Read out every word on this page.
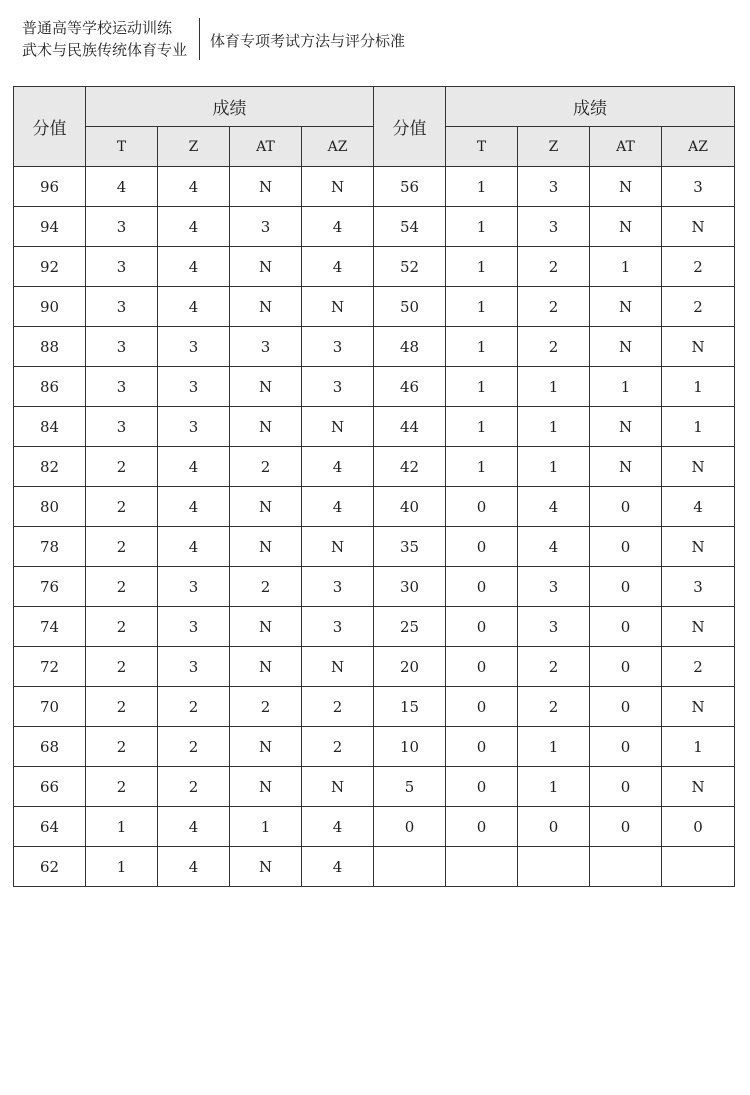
普通高等学校运动训练
武术与民族传统体育专业
体育专项考试方法与评分标准
分值	成绩				分值	成绩			
	T	Z	AT	AZ		T	Z	AT	AZ
96	4	4	N	N	56	1	3	N	3
94	3	4	3	4	54	1	3	N	N
92	3	4	N	4	52	1	2	1	2
90	3	4	N	N	50	1	2	N	2
88	3	3	3	3	48	1	2	N	N
86	3	3	N	3	46	1	1	1	1
84	3	3	N	N	44	1	1	N	1
82	2	4	2	4	42	1	1	N	N
80	2	4	N	4	40	0	4	0	4
78	2	4	N	N	35	0	4	0	N
76	2	3	2	3	30	0	3	0	3
74	2	3	N	3	25	0	3	0	N
72	2	3	N	N	20	0	2	0	2
70	2	2	2	2	15	0	2	0	N
68	2	2	N	2	10	0	1	0	1
66	2	2	N	N	5	0	1	0	N
64	1	4	1	4	0	0	0	0	0
62	1	4	N	4					
